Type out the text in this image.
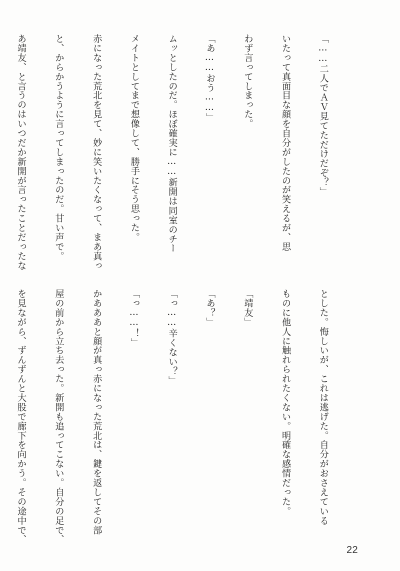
「……二人でＡＶ見てただけだぞ？」

いたって真面目な顔を自分がしたのが笑えるが、思

わず言ってしまった。

「あ……おう……」

ムッとしたのだ。ほぼ確実に……新開は同室のチー

メイトとしてまで想像して、勝手にそう思った。

赤になった荒北を見て、妙に笑いたくなって、まあ真っ

と、からかうように言ってしまったのだ。甘い声で。

あ靖友、と言うのはいつだか新開が言ったことだったな

とした。悔しいが、これは逃げた。自分がおさえている

ものに他人に触れられたくない。明確な感情だった。

「靖友」

「あ？」

「っ……辛くない？」

「っ……！」

かあああと顔が真っ赤になった荒北は、鍵を返してその部

屋の前から立ち去った。新開も追ってこない。自分の足で、

を見ながら、ずんずんと大股で廊下を向かう。その途中で、

22
